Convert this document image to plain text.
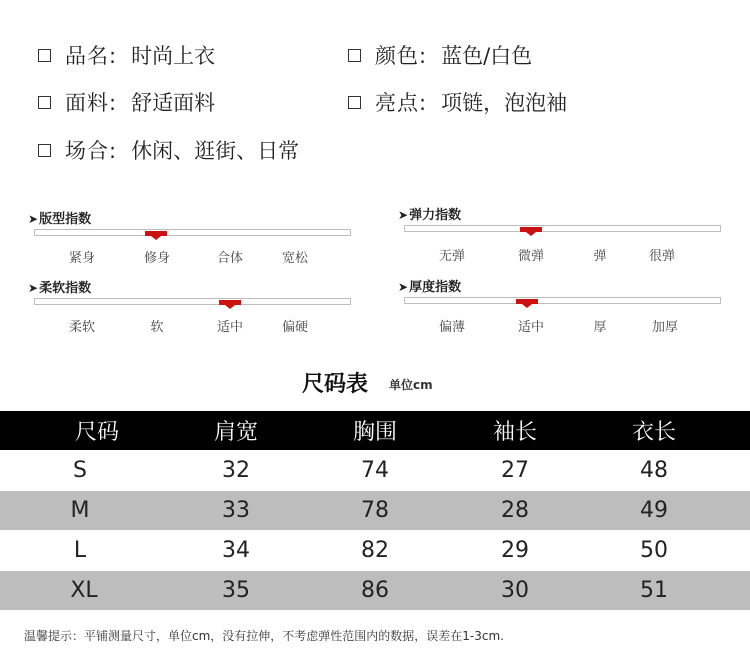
品名: 时尚上衣
面料: 舒适面料
场合: 休闲、逛街、日常
颜色: 蓝色/白色
亮点: 项链，泡泡袖
➤版型指数
紧身	修身	合体	宽松
➤柔软指数
柔软	软	适中	偏硬
➤弹力指数
无弹	微弹	弹	很弹
➤厚度指数
偏薄	适中	厚	加厚
尺码表 单位cm
尺码	肩宽	胸围	袖长	衣长
S	32	74	27	48
M	33	78	28	49
L	34	82	29	50
XL	35	86	30	51
温馨提示：平铺测量尺寸，单位cm，没有拉伸，不考虑弹性范围内的数据，误差在1-3cm.
